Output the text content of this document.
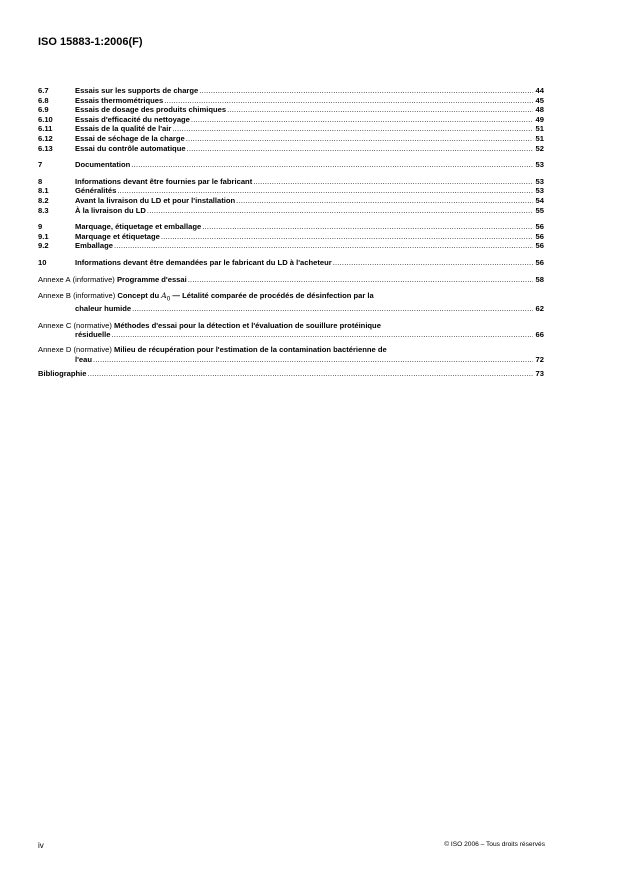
ISO 15883-1:2006(F)
6.7	Essais sur les supports de charge .....	44
6.8	Essais thermométriques .....	45
6.9	Essais de dosage des produits chimiques .....	48
6.10	Essais d'efficacité du nettoyage .....	49
6.11	Essais de la qualité de l'air .....	51
6.12	Essai de séchage de la charge .....	51
6.13	Essai du contrôle automatique .....	52
7	Documentation .....	53
8	Informations devant être fournies par le fabricant .....	53
8.1	Généralités .....	53
8.2	Avant la livraison du LD et pour l'installation .....	54
8.3	À la livraison du LD .....	55
9	Marquage, étiquetage et emballage .....	56
9.1	Marquage et étiquetage .....	56
9.2	Emballage .....	56
10	Informations devant être demandées par le fabricant du LD à l'acheteur .....	56
Annexe A (informative) Programme d'essai .....	58
Annexe B (informative) Concept du $A_0$ — Létalité comparée de procédés de désinfection par la
chaleur humide .....	62
Annexe C (normative) Méthodes d'essai pour la détection et l'évaluation de souillure protéinique
résiduelle .....	66
Annexe D (normative) Milieu de récupération pour l'estimation de la contamination bactérienne de
l'eau .....	72
Bibliographie .....	73
iv	© ISO 2006 – Tous droits réservés
